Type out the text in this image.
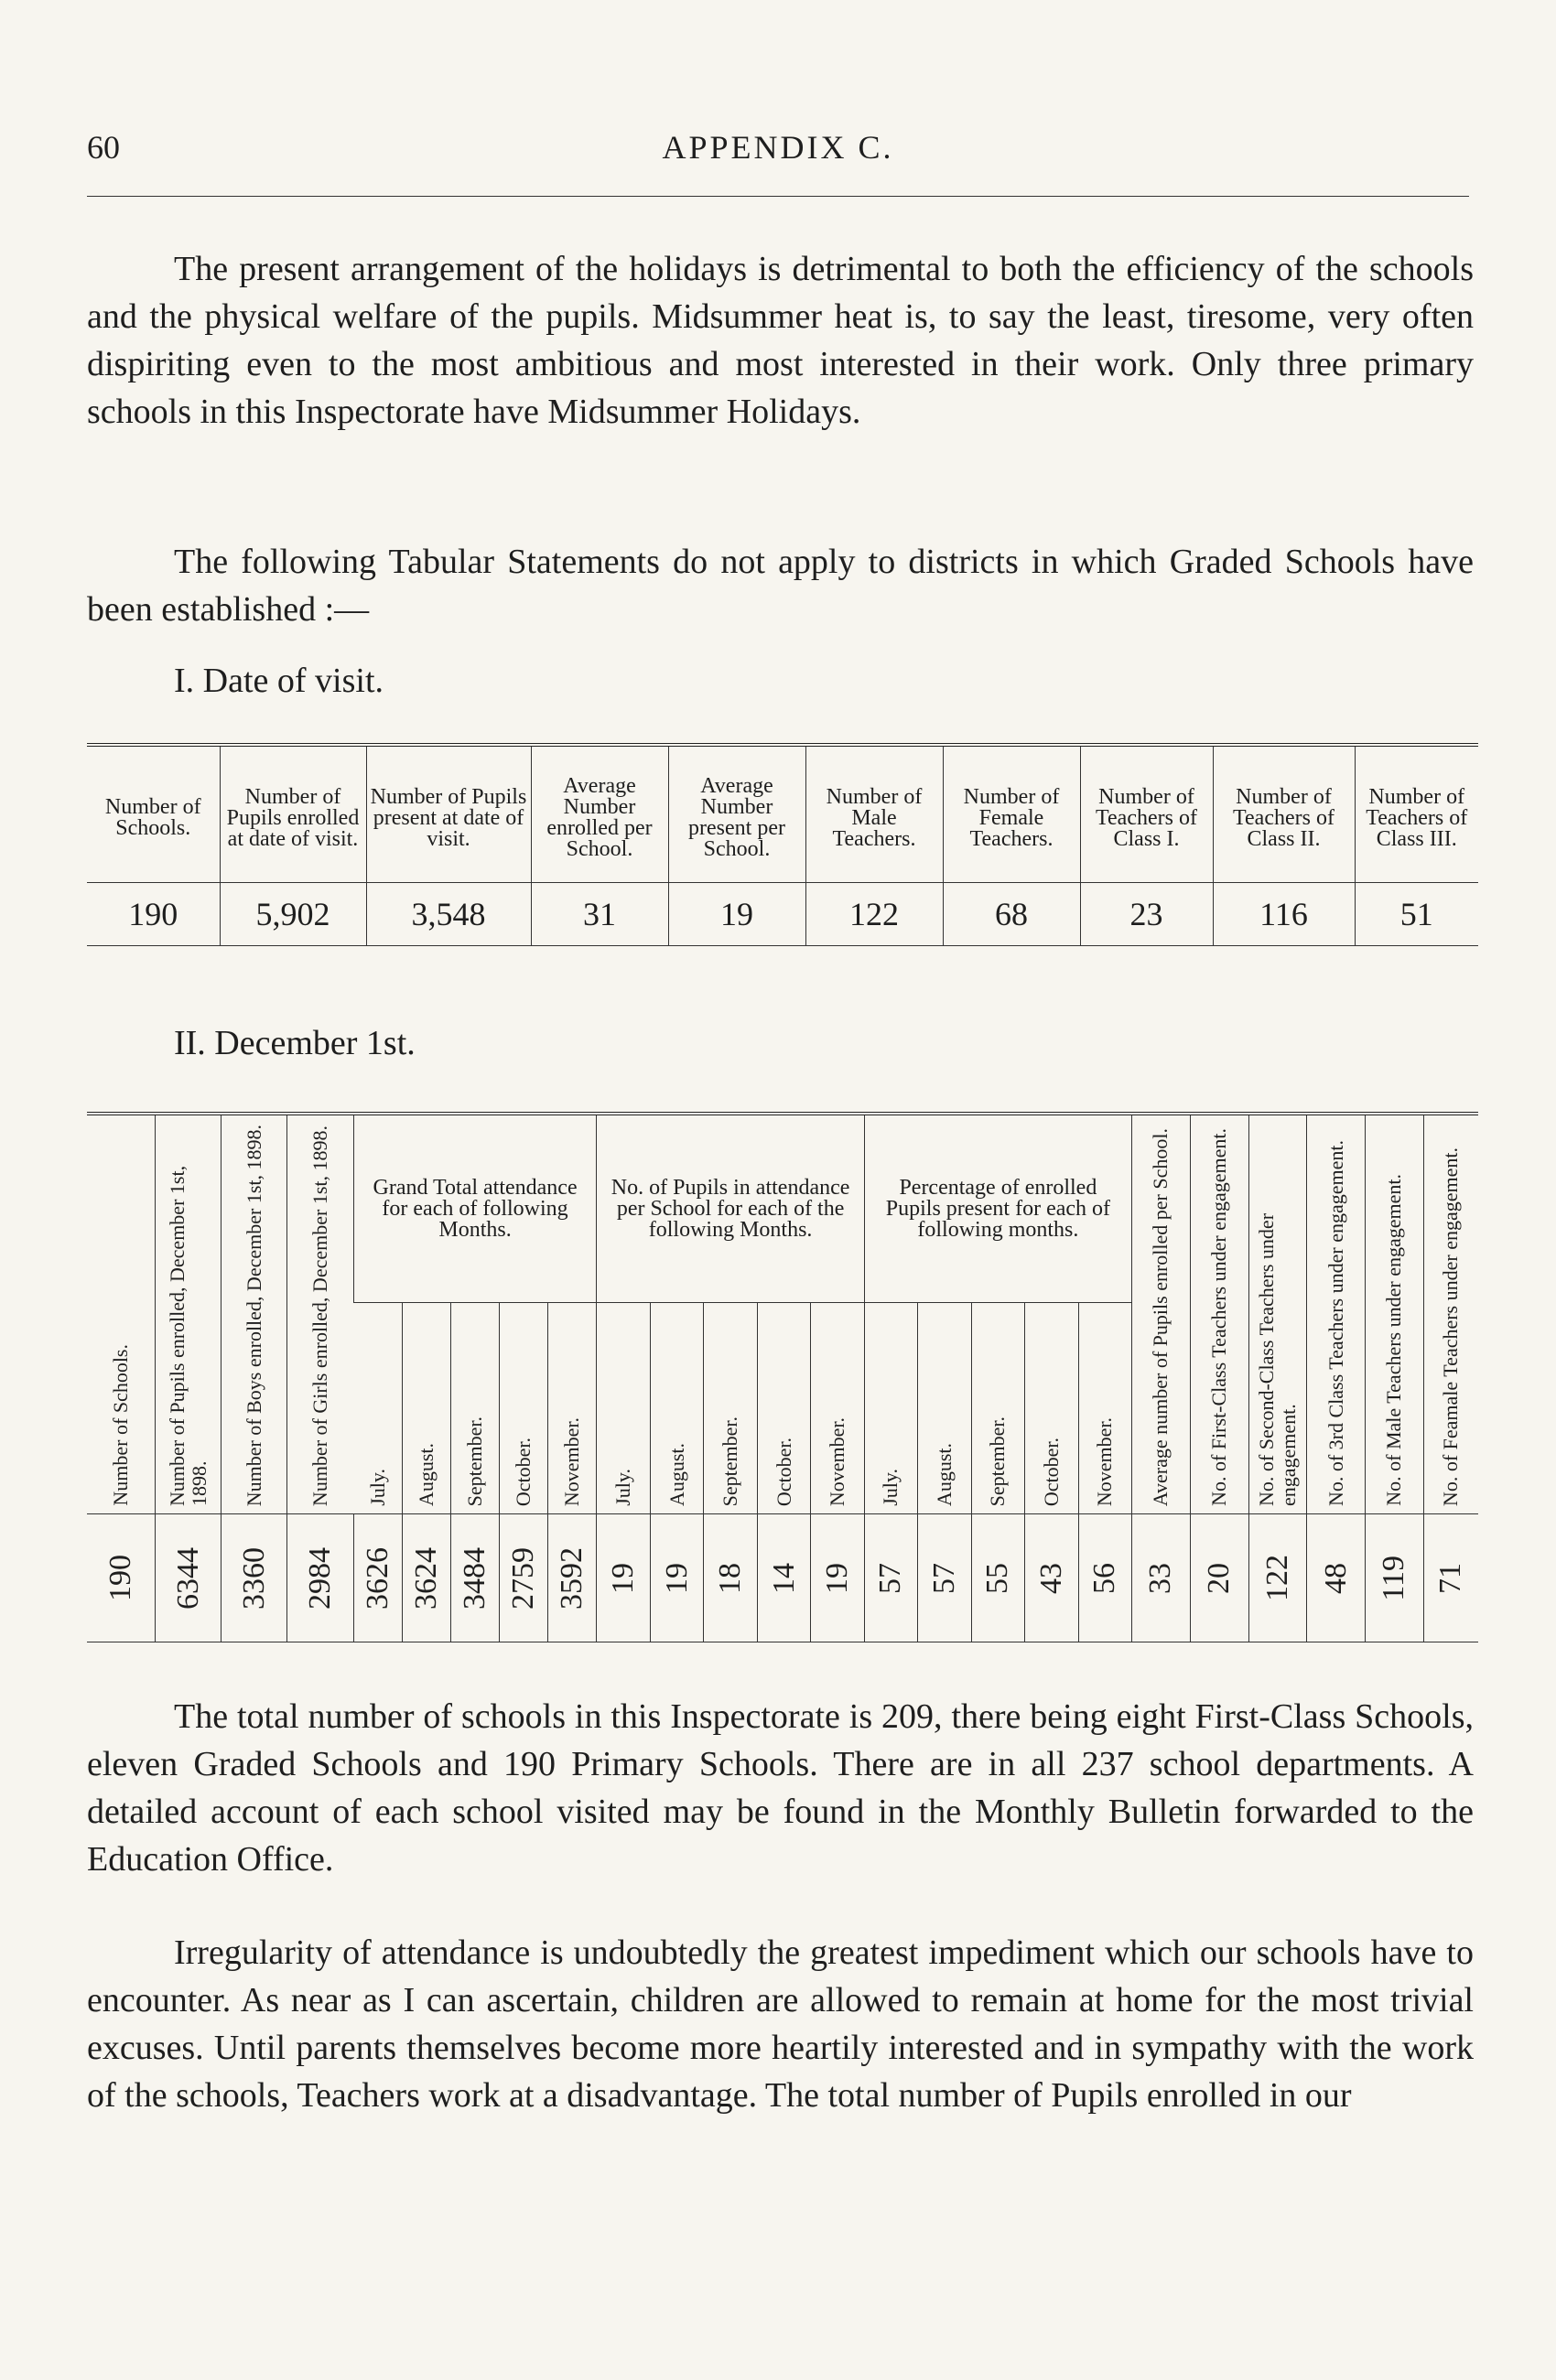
60	APPENDIX C.

The present arrangement of the holidays is detrimental to both the efficiency of the schools and the physical welfare of the pupils. Midsummer heat is, to say the least, tiresome, very often dispiriting even to the most ambitious and most interested in their work. Only three primary schools in this Inspectorate have Midsummer Holidays.

The following Tabular Statements do not apply to districts in which Graded Schools have been established :—

I. Date of visit.
Number of Schools.	Number of Pupils enrolled at date of visit.	Number of Pupils present at date of visit.	Average Number enrolled per School.	Average Number present per School.	Number of Male Teachers.	Number of Female Teachers.	Number of Teachers of Class I.	Number of Teachers of Class II.	Number of Teachers of Class III.
190	5,902	3,548	31	19	122	68	23	116	51
II. December 1st.
Number of Schools.	Number of Pupils enrolled, December 1st, 1898.	Number of Boys enrolled, December 1st, 1898.	Number of Girls enrolled, December 1st, 1898.	Grand Total attendance for each of following Months.					No. of Pupils in attendance per School for each of the following Months.					Percentage of enrolled Pupils present for each of following months.					Average number of Pupils enrolled per School.	No. of First-Class Teachers under engagement.	No. of Second-Class Teachers under engagement.	No. of 3rd Class Teachers under engagement.	No. of Male Teachers under engagement.	No. of Feamale Teachers under engagement.

				July.	August.	September.	October.	November.	July.	August.	September.	October.	November.	July.	August.	September.	October.	November.						

190	6344	3360	2984	3626	3624	3484	2759	3592	19	19	18	14	19	57	57	55	43	56	33	20	122	48	119	71

The total number of schools in this Inspectorate is 209, there being eight First-Class Schools, eleven Graded Schools and 190 Primary Schools. There are in all 237 school departments. A detailed account of each school visited may be found in the Monthly Bulletin forwarded to the Education Office.

Irregularity of attendance is undoubtedly the greatest impediment which our schools have to encounter. As near as I can ascertain, children are allowed to remain at home for the most trivial excuses. Until parents themselves become more heartily interested and in sympathy with the work of the schools, Teachers work at a disadvantage. The total number of Pupils enrolled in our
